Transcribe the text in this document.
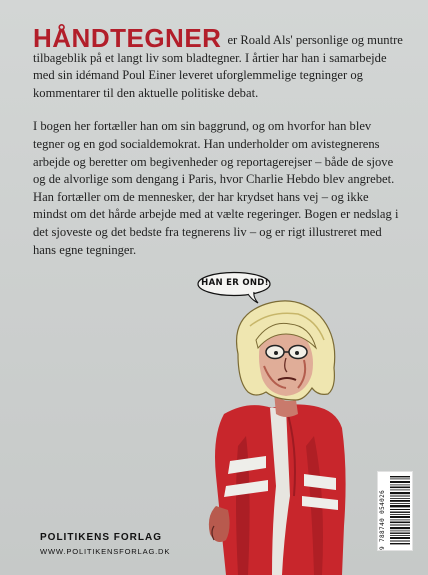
HÅNDTEGNER er Roald Als' personlige og muntre tilbageblik på et langt liv som bladtegner. I årtier har han i samarbejde med sin idémand Poul Einer leveret uforglemmelige tegninger og kommentarer til den aktuelle politiske debat.

I bogen her fortæller han om sin baggrund, og om hvorfor han blev tegner og en god socialdemokrat. Han underholder om avistegnerens arbejde og beretter om begivenheder og reportagerejser – både de sjove og de alvorlige som dengang i Paris, hvor Charlie Hebdo blev angrebet. Han fortæller om de mennesker, der har krydset hans vej – og ikke mindst om det hårde arbejde med at vælte regeringer. Bogen er nedslag i det sjoveste og det bedste fra tegnerens liv – og er rigt illustreret med hans egne tegninger.

HAN ER OND!
POLITIKENS FORLAG
WWW.POLITIKENSFORLAG.DK
9 788740 054026
